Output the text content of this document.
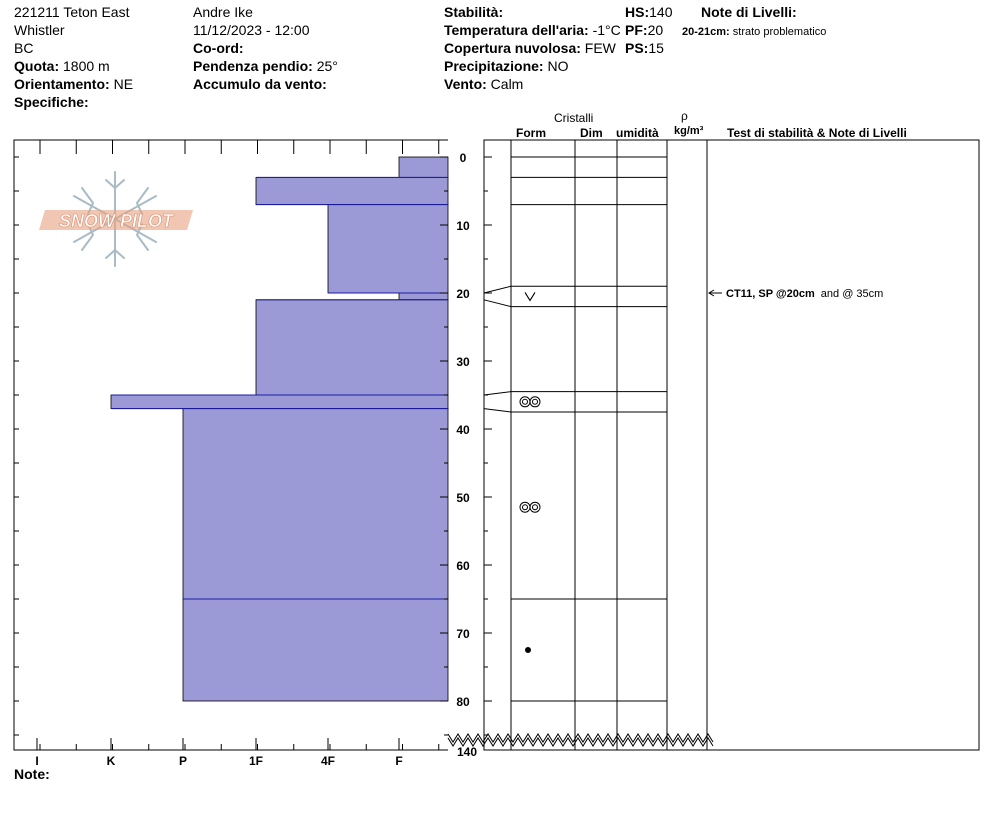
221211 Teton East
Whistler
BC
Quota: 1800 m
Orientamento: NE
Specifiche:
Andre Ike
11/12/2023 - 12:00
Co-ord:
Pendenza pendio: 25°
Accumulo da vento:
Stabilità:
Temperatura dell'aria: -1°C
Copertura nuvolosa: FEW
Precipitazione: NO
Vento: Calm
HS:140
PF:20
PS:15
Note di Livelli:
20-21cm: strato problematico
Cristalli
Form	Dim umidità
ρ
kg/m³ Test di stabilità & Note di Livelli
SNOW PILOT
0
10
20
30
40
50
60
70
80
140
I	K	P	1F	4F	F
CT11, SP @20cm and @ 35cm
Note:
